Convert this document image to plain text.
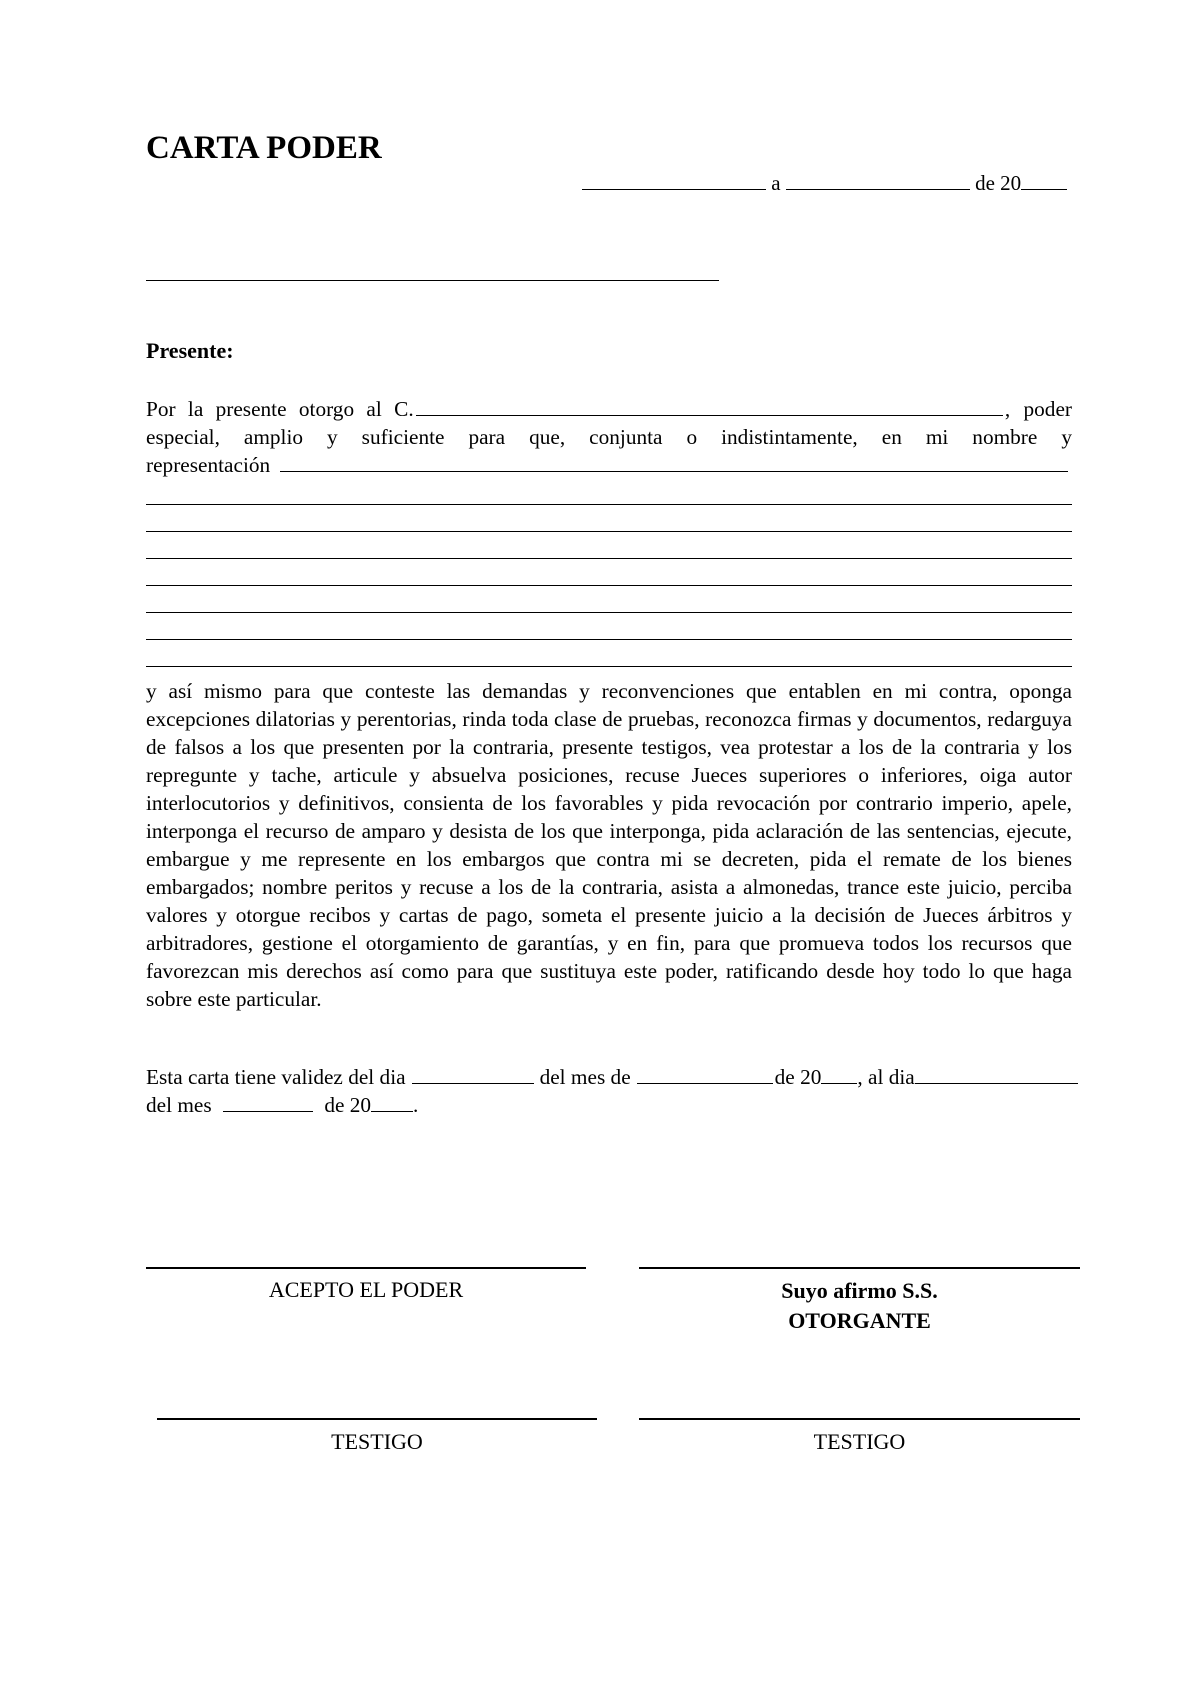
CARTA PODER
a	de 20
Presente:
Por la presente otorgo al C.	, poder
especial, amplio y suficiente para que, conjunta o indistintamente, en mi nombre y
representación

y así mismo para que conteste las demandas y reconvenciones que entablen en mi contra, oponga excepciones dilatorias y perentorias, rinda toda clase de pruebas, reconozca firmas y documentos, redarguya de falsos a los que presenten por la contraria, presente testigos, vea protestar a los de la contraria y los repregunte y tache, articule y absuelva posiciones, recuse Jueces superiores o inferiores, oiga autor interlocutorios y definitivos, consienta de los favorables y pida revocación por contrario imperio, apele, interponga el recurso de amparo y desista de los que interponga, pida aclaración de las sentencias, ejecute, embargue y me represente en los embargos que contra mi se decreten, pida el remate de los bienes embargados; nombre peritos y recuse a los de la contraria, asista a almonedas, trance este juicio, perciba valores y otorgue recibos y cartas de pago, someta el presente juicio a la decisión de Jueces árbitros y arbitradores, gestione el otorgamiento de garantías, y en fin, para que promueva todos los recursos que favorezcan mis derechos así como para que sustituya este poder, ratificando desde hoy todo lo que haga sobre este particular.

Esta carta tiene validez del dia	del mes de	de 20 , al dia
del mes	de 20 .
ACEPTO EL PODER	Suyo afirmo S.S.
OTORGANTE
TESTIGO	TESTIGO
